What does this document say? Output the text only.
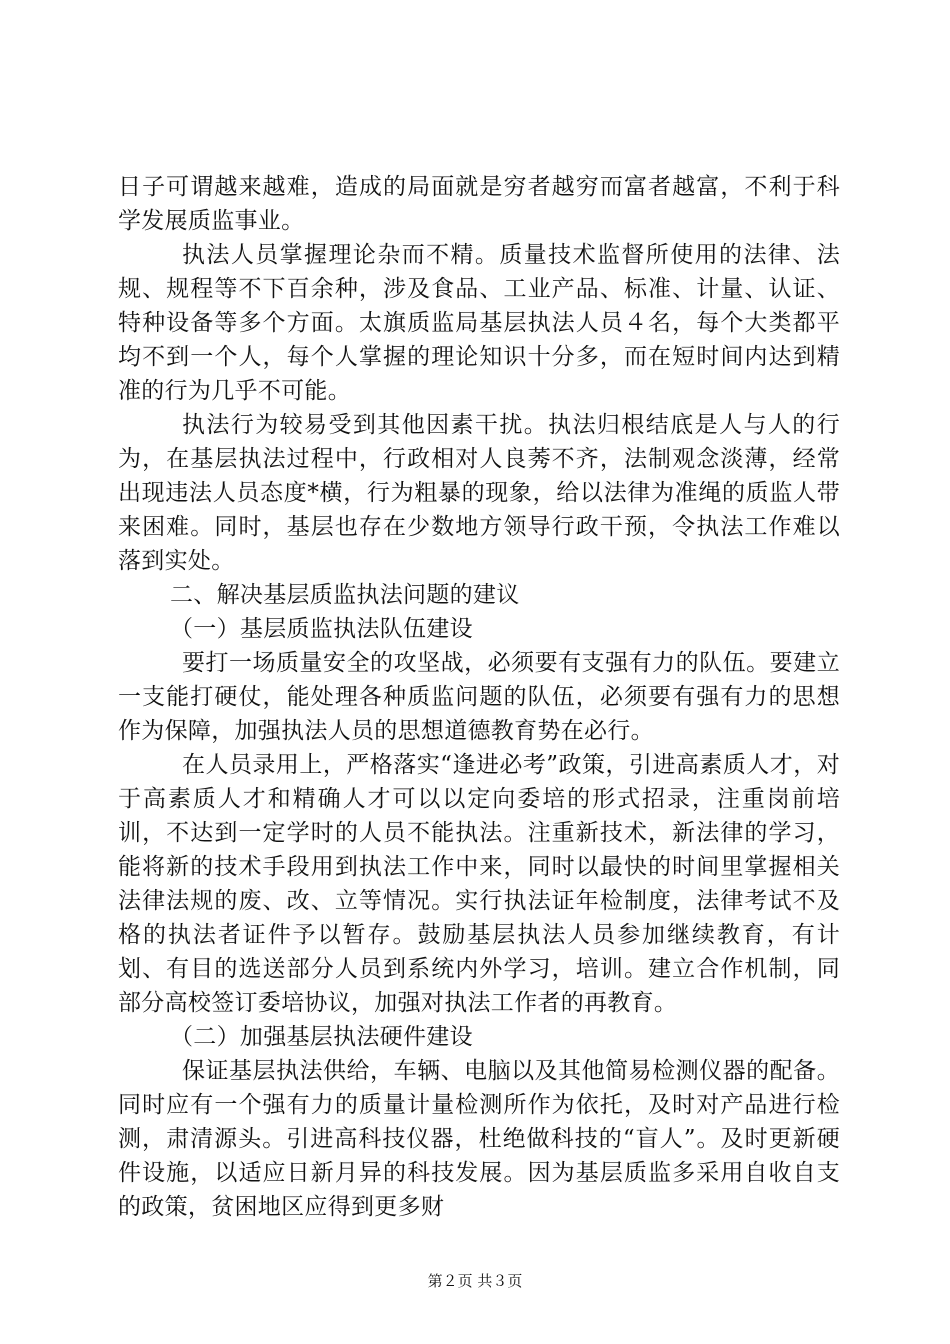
日子可谓越来越难，造成的局面就是穷者越穷而富者越富，不利于科学发展质监事业。

执法人员掌握理论杂而不精。质量技术监督所使用的法律、法规、规程等不下百余种，涉及食品、工业产品、标准、计量、认证、特种设备等多个方面。太旗质监局基层执法人员４名，每个大类都平均不到一个人，每个人掌握的理论知识十分多，而在短时间内达到精准的行为几乎不可能。

执法行为较易受到其他因素干扰。执法归根结底是人与人的行为，在基层执法过程中，行政相对人良莠不齐，法制观念淡薄，经常出现违法人员态度*横，行为粗暴的现象，给以法律为准绳的质监人带来困难。同时，基层也存在少数地方领导行政干预，令执法工作难以落到实处。

二、解决基层质监执法问题的建议

（一）基层质监执法队伍建设

要打一场质量安全的攻坚战，必须要有支强有力的队伍。要建立一支能打硬仗，能处理各种质监问题的队伍，必须要有强有力的思想作为保障，加强执法人员的思想道德教育势在必行。

在人员录用上，严格落实“逢进必考”政策，引进高素质人才，对于高素质人才和精确人才可以以定向委培的形式招录，注重岗前培训，不达到一定学时的人员不能执法。注重新技术，新法律的学习，能将新的技术手段用到执法工作中来，同时以最快的时间里掌握相关法律法规的废、改、立等情况。实行执法证年检制度，法律考试不及格的执法者证件予以暂存。鼓励基层执法人员参加继续教育，有计划、有目的选送部分人员到系统内外学习，培训。建立合作机制，同部分高校签订委培协议，加强对执法工作者的再教育。

（二）加强基层执法硬件建设

保证基层执法供给，车辆、电脑以及其他简易检测仪器的配备。同时应有一个强有力的质量计量检测所作为依托，及时对产品进行检测，肃清源头。引进高科技仪器，杜绝做科技的“盲人”。及时更新硬件设施，以适应日新月异的科技发展。因为基层质监多采用自收自支的政策，贫困地区应得到更多财

第２页 共３页
